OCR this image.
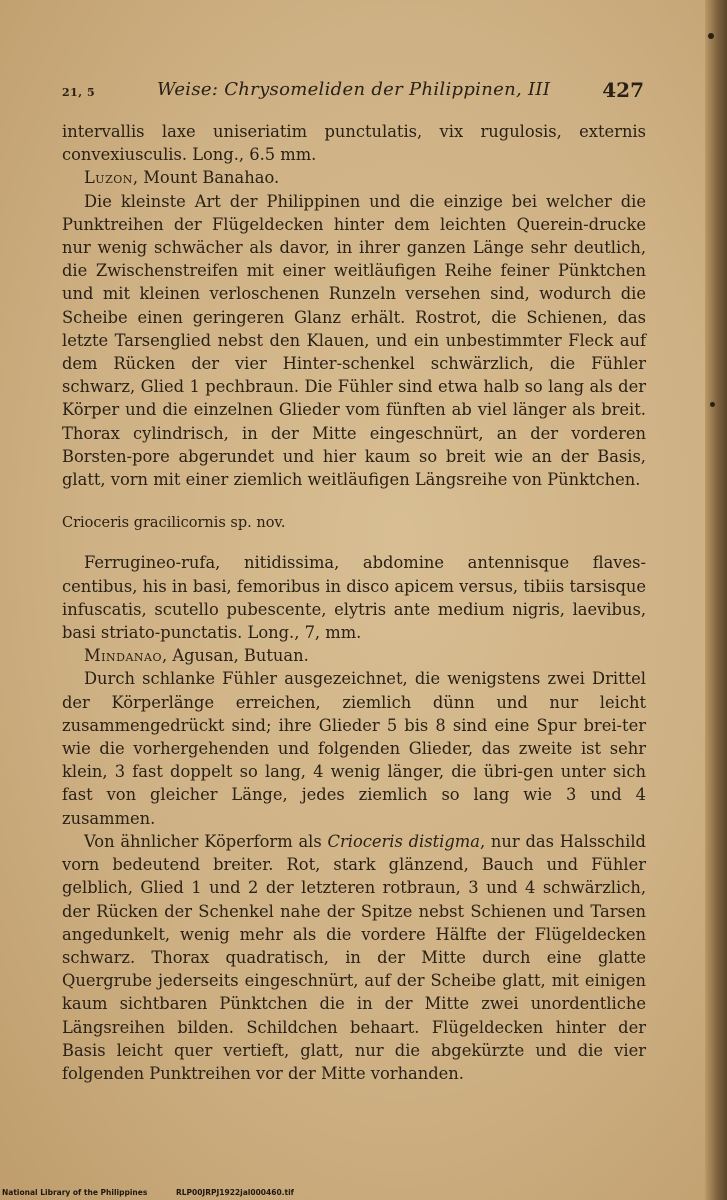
21, 5	Weise: Chrysomeliden der Philippinen, III	427

intervallis laxe uniseriatim punctulatis, vix rugulosis, externis convexiusculis. Long., 6.5 mm.

Luzon, Mount Banahao.

Die kleinste Art der Philippinen und die einzige bei welcher die Punktreihen der Flügeldecken hinter dem leichten Querein-drucke nur wenig schwächer als davor, in ihrer ganzen Länge sehr deutlich, die Zwischenstreifen mit einer weitläufigen Reihe feiner Pünktchen und mit kleinen verloschenen Runzeln versehen sind, wodurch die Scheibe einen geringeren Glanz erhält. Rostrot, die Schienen, das letzte Tarsenglied nebst den Klauen, und ein unbestimmter Fleck auf dem Rücken der vier Hinter-schenkel schwärzlich, die Fühler schwarz, Glied 1 pechbraun. Die Fühler sind etwa halb so lang als der Körper und die einzelnen Glieder vom fünften ab viel länger als breit. Thorax cylindrisch, in der Mitte eingeschnürt, an der vorderen Borsten-pore abgerundet und hier kaum so breit wie an der Basis, glatt, vorn mit einer ziemlich weitläufigen Längsreihe von Pünktchen.

Crioceris gracilicornis sp. nov.

Ferrugineo-rufa, nitidissima, abdomine antennisque flaves-centibus, his in basi, femoribus in disco apicem versus, tibiis tarsisque infuscatis, scutello pubescente, elytris ante medium nigris, laevibus, basi striato-punctatis. Long., 7, mm.

Mindanao, Agusan, Butuan.

Durch schlanke Fühler ausgezeichnet, die wenigstens zwei Drittel der Körperlänge erreichen, ziemlich dünn und nur leicht zusammengedrückt sind; ihre Glieder 5 bis 8 sind eine Spur brei-ter wie die vorhergehenden und folgenden Glieder, das zweite ist sehr klein, 3 fast doppelt so lang, 4 wenig länger, die übri-gen unter sich fast von gleicher Länge, jedes ziemlich so lang wie 3 und 4 zusammen.

Von ähnlicher Köperform als Crioceris distigma, nur das Halsschild vorn bedeutend breiter. Rot, stark glänzend, Bauch und Fühler gelblich, Glied 1 und 2 der letzteren rotbraun, 3 und 4 schwärzlich, der Rücken der Schenkel nahe der Spitze nebst Schienen und Tarsen angedunkelt, wenig mehr als die vordere Hälfte der Flügeldecken schwarz. Thorax quadratisch, in der Mitte durch eine glatte Quergrube jederseits eingeschnürt, auf der Scheibe glatt, mit einigen kaum sichtbaren Pünktchen die in der Mitte zwei unordentliche Längsreihen bilden. Schildchen behaart. Flügeldecken hinter der Basis leicht quer vertieft, glatt, nur die abgekürzte und die vier folgenden Punktreihen vor der Mitte vorhanden.

National Library of the Philippines	RLP00JRPJ1922jal000460.tif
